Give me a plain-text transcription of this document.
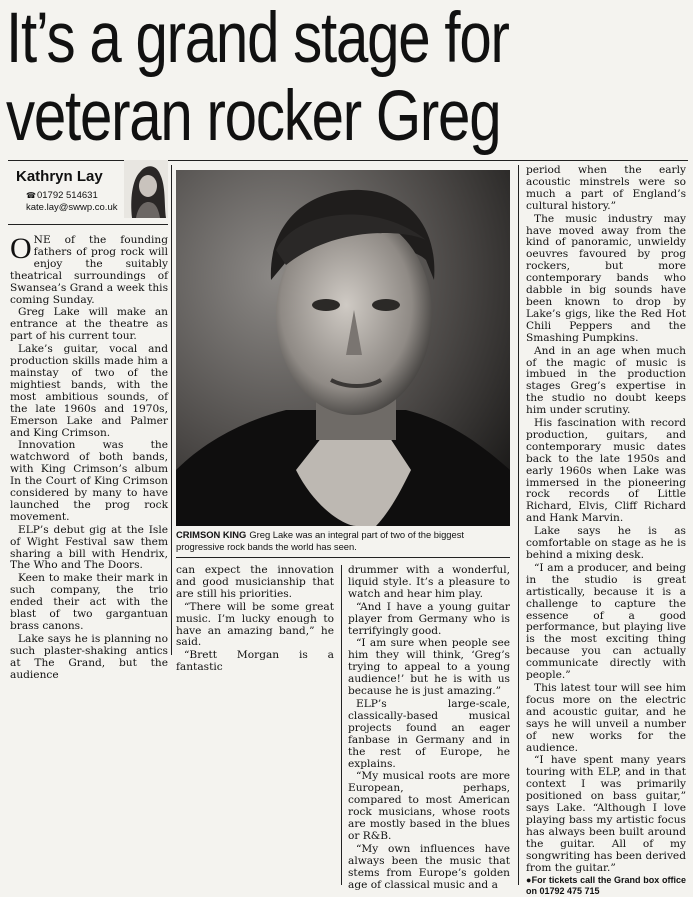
It’s a grand stage for
veteran rocker Greg
Kathryn Lay
☎01792 514631
kate.lay@swwp.co.uk

ONE of the founding fathers of prog rock will enjoy the suitably theatrical surroundings of Swansea’s Grand a week this coming Sunday.

Greg Lake will make an entrance at the theatre as part of his current tour.

Lake’s guitar, vocal and production skills made him a mainstay of two of the mightiest bands, with the most ambitious sounds, of the late 1960s and 1970s, Emerson Lake and Palmer and King Crimson.

Innovation was the watchword of both bands, with King Crimson’s album In the Court of King Crimson considered by many to have launched the prog rock movement.

ELP’s debut gig at the Isle of Wight Festival saw them sharing a bill with Hendrix, The Who and The Doors.

Keen to make their mark in such company, the trio ended their act with the blast of two gargantuan brass canons.

Lake says he is planning no such plaster-shaking antics at The Grand, but the audience

CRIMSON KING Greg Lake was an integral part of two of the biggest progressive rock bands the world has seen.

can expect the innovation and good musicianship that are still his priorities.

“There will be some great music. I’m lucky enough to have an amazing band,” he said.

“Brett Morgan is a fantastic

drummer with a wonderful, liquid style. It’s a pleasure to watch and hear him play.

“And I have a young guitar player from Germany who is terrifyingly good.

“I am sure when people see him they will think, ‘Greg’s trying to appeal to a young audience!’ but he is with us because he is just amazing.”

ELP’s large-scale, classically-based musical projects found an eager fanbase in Germany and in the rest of Europe, he explains.

“My musical roots are more European, perhaps, compared to most American rock musicians, whose roots are mostly based in the blues or R&B.

“My own influences have always been the music that stems from Europe’s golden age of classical music and a

period when the early acoustic minstrels were so much a part of England’s cultural history.”

The music industry may have moved away from the kind of panoramic, unwieldy oeuvres favoured by prog rockers, but more contemporary bands who dabble in big sounds have been known to drop by Lake’s gigs, like the Red Hot Chili Peppers and the Smashing Pumpkins.

And in an age when much of the magic of music is imbued in the production stages Greg’s expertise in the studio no doubt keeps him under scrutiny.

His fascination with record production, guitars, and contemporary music dates back to the late 1950s and early 1960s when Lake was immersed in the pioneering rock records of Little Richard, Elvis, Cliff Richard and Hank Marvin.

Lake says he is as comfortable on stage as he is behind a mixing desk.

“I am a producer, and being in the studio is great artistically, because it is a challenge to capture the essence of a good performance, but playing live is the most exciting thing because you can actually communicate directly with people.”

This latest tour will see him focus more on the electric and acoustic guitar, and he says he will unveil a number of new works for the audience.

“I have spent many years touring with ELP, and in that context I was primarily positioned on bass guitar,” says Lake. “Although I love playing bass my artistic focus has always been built around the guitar. All of my songwriting has been derived from the guitar.”

●For tickets call the Grand box office on 01792 475 715
